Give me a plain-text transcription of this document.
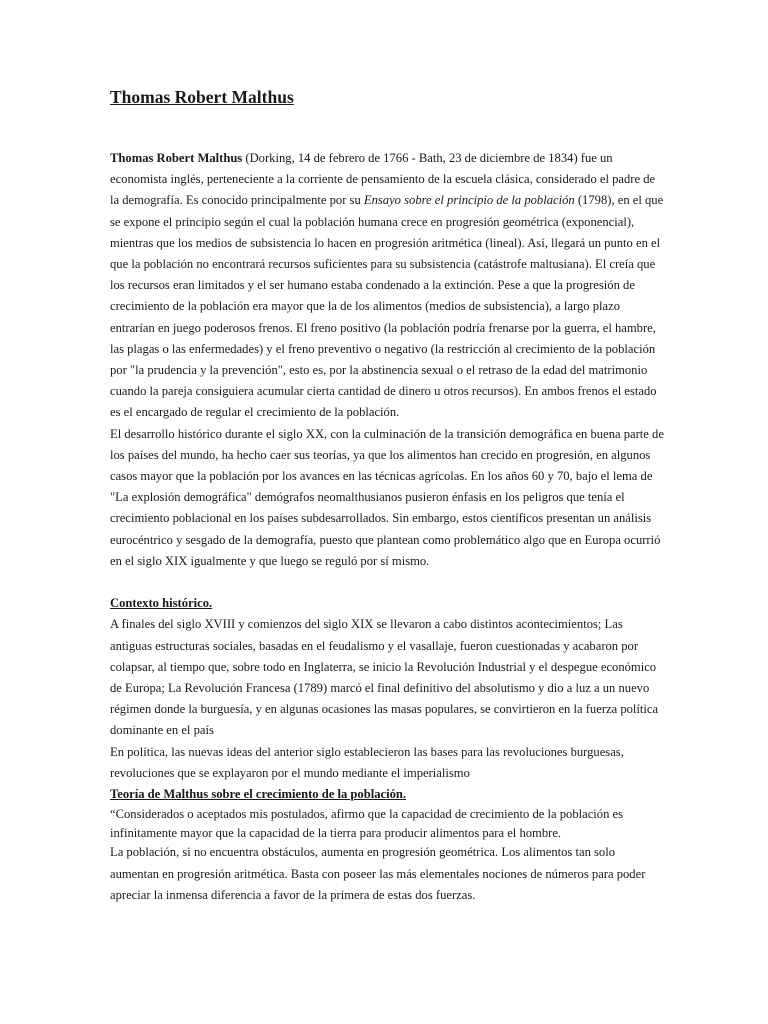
Thomas Robert Malthus

Thomas Robert Malthus (Dorking, 14 de febrero de 1766 - Bath, 23 de diciembre de 1834) fue un economista inglés, perteneciente a la corriente de pensamiento de la escuela clásica, considerado el padre de la demografía. Es conocido principalmente por su Ensayo sobre el principio de la población (1798), en el que se expone el principio según el cual la población humana crece en progresión geométrica (exponencial), mientras que los medios de subsistencia lo hacen en progresión aritmética (lineal). Así, llegará un punto en el que la población no encontrará recursos suficientes para su subsistencia (catástrofe maltusiana). El creía que los recursos eran limitados y el ser humano estaba condenado a la extinción. Pese a que la progresión de crecimiento de la población era mayor que la de los alimentos (medios de subsistencia), a largo plazo entrarían en juego poderosos frenos. El freno positivo (la población podría frenarse por la guerra, el hambre, las plagas o las enfermedades) y el freno preventivo o negativo (la restricción al crecimiento de la población por "la prudencia y la prevención", esto es, por la abstinencia sexual o el retraso de la edad del matrimonio cuando la pareja consiguiera acumular cierta cantidad de dinero u otros recursos). En ambos frenos el estado es el encargado de regular el crecimiento de la población.

El desarrollo histórico durante el siglo XX, con la culminación de la transición demográfica en buena parte de los países del mundo, ha hecho caer sus teorías, ya que los alimentos han crecido en progresión, en algunos casos mayor que la población por los avances en las técnicas agrícolas. En los años 60 y 70, bajo el lema de "La explosión demográfica" demógrafos neomalthusianos pusieron énfasis en los peligros que tenía el crecimiento poblacional en los países subdesarrollados. Sin embargo, estos científicos presentan un análisis eurocéntrico y sesgado de la demografía, puesto que plantean como problemático algo que en Europa ocurrió en el siglo XIX igualmente y que luego se reguló por sí mismo.

Contexto histórico.

A finales del siglo XVIII y comienzos del siglo XIX se llevaron a cabo distintos acontecimientos; Las antiguas estructuras sociales, basadas en el feudalismo y el vasallaje, fueron cuestionadas y acabaron por colapsar, al tiempo que, sobre todo en Inglaterra, se inicio la Revolución Industrial y el despegue económico de Europa; La Revolución Francesa (1789) marcó el final definitivo del absolutismo y dio a luz a un nuevo régimen donde la burguesía, y en algunas ocasiones las masas populares, se convirtieron en la fuerza política dominante en el país

En política, las nuevas ideas del anterior siglo establecieron las bases para las revoluciones burguesas, revoluciones que se explayaron por el mundo mediante el imperialismo

Teoría de Malthus sobre el crecimiento de la población.

“Considerados o aceptados mis postulados, afirmo que la capacidad de crecimiento de la población es infinitamente mayor que la capacidad de la tierra para producir alimentos para el hombre.

La población, si no encuentra obstáculos, aumenta en progresión geométrica. Los alimentos tan solo aumentan en progresión aritmética. Basta con poseer las más elementales nociones de números para poder apreciar la inmensa diferencia a favor de la primera de estas dos fuerzas.
